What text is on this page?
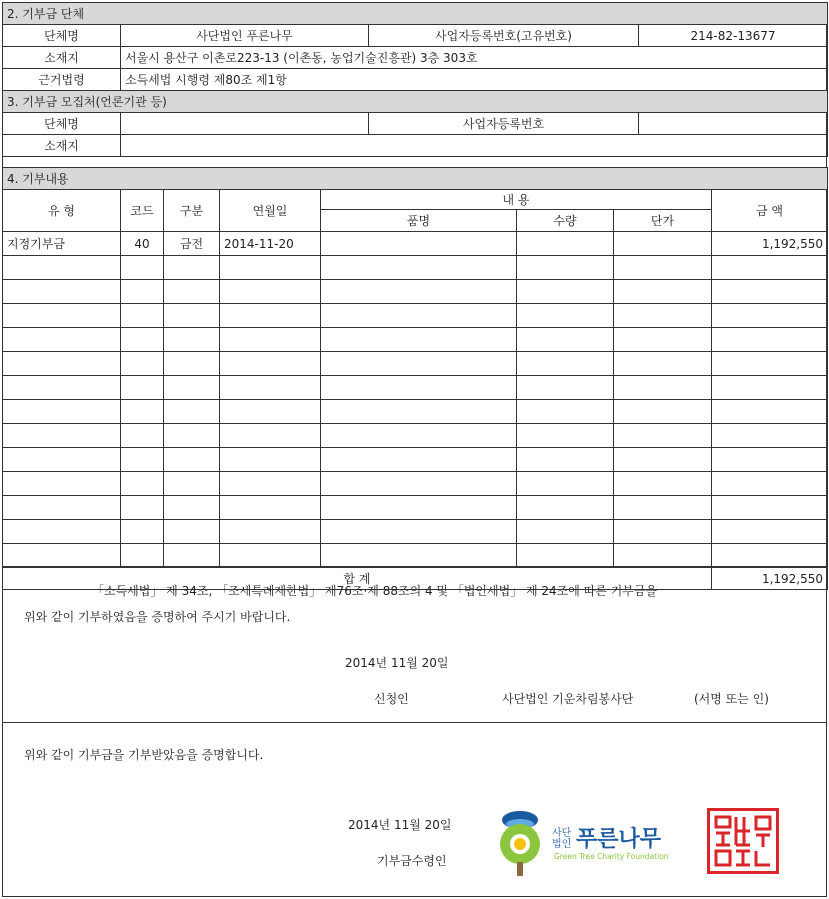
2. 기부금 단체			
단체명	사단법인 푸른나무	사업자등록번호(고유번호)	214-82-13677
소재지	서울시 용산구 이촌로223-13 (이촌동, 농업기술진흥관) 3층 303호		
근거법령	소득세법 시행령 제80조 제1항		
3. 기부금 모집처(언론기관 등)			
단체명		사업자등록번호	
소재지			
4. 기부내용							
유 형	코드	구분	연월일	내 용			금 액
				품명	수량	단가	
지정기부금	40	금전	2014-11-20				1,192,550

합 계							1,192,550
「소득세법」 제 34조, 「조세특례제한법」 제76조·제 88조의 4 및 「법인세법」 제 24조에 따른 기부금을
위와 같이 기부하였음을 증명하여 주시기 바랍니다.
2014년 11월 20일
신청인	사단법인 기운차림봉사단	(서명 또는 인)
위와 같이 기부금을 기부받았음을 증명합니다.
2014년 11월 20일
기부금수령인
사단
법인 푸른나무
Green Tree Charity Foundation
